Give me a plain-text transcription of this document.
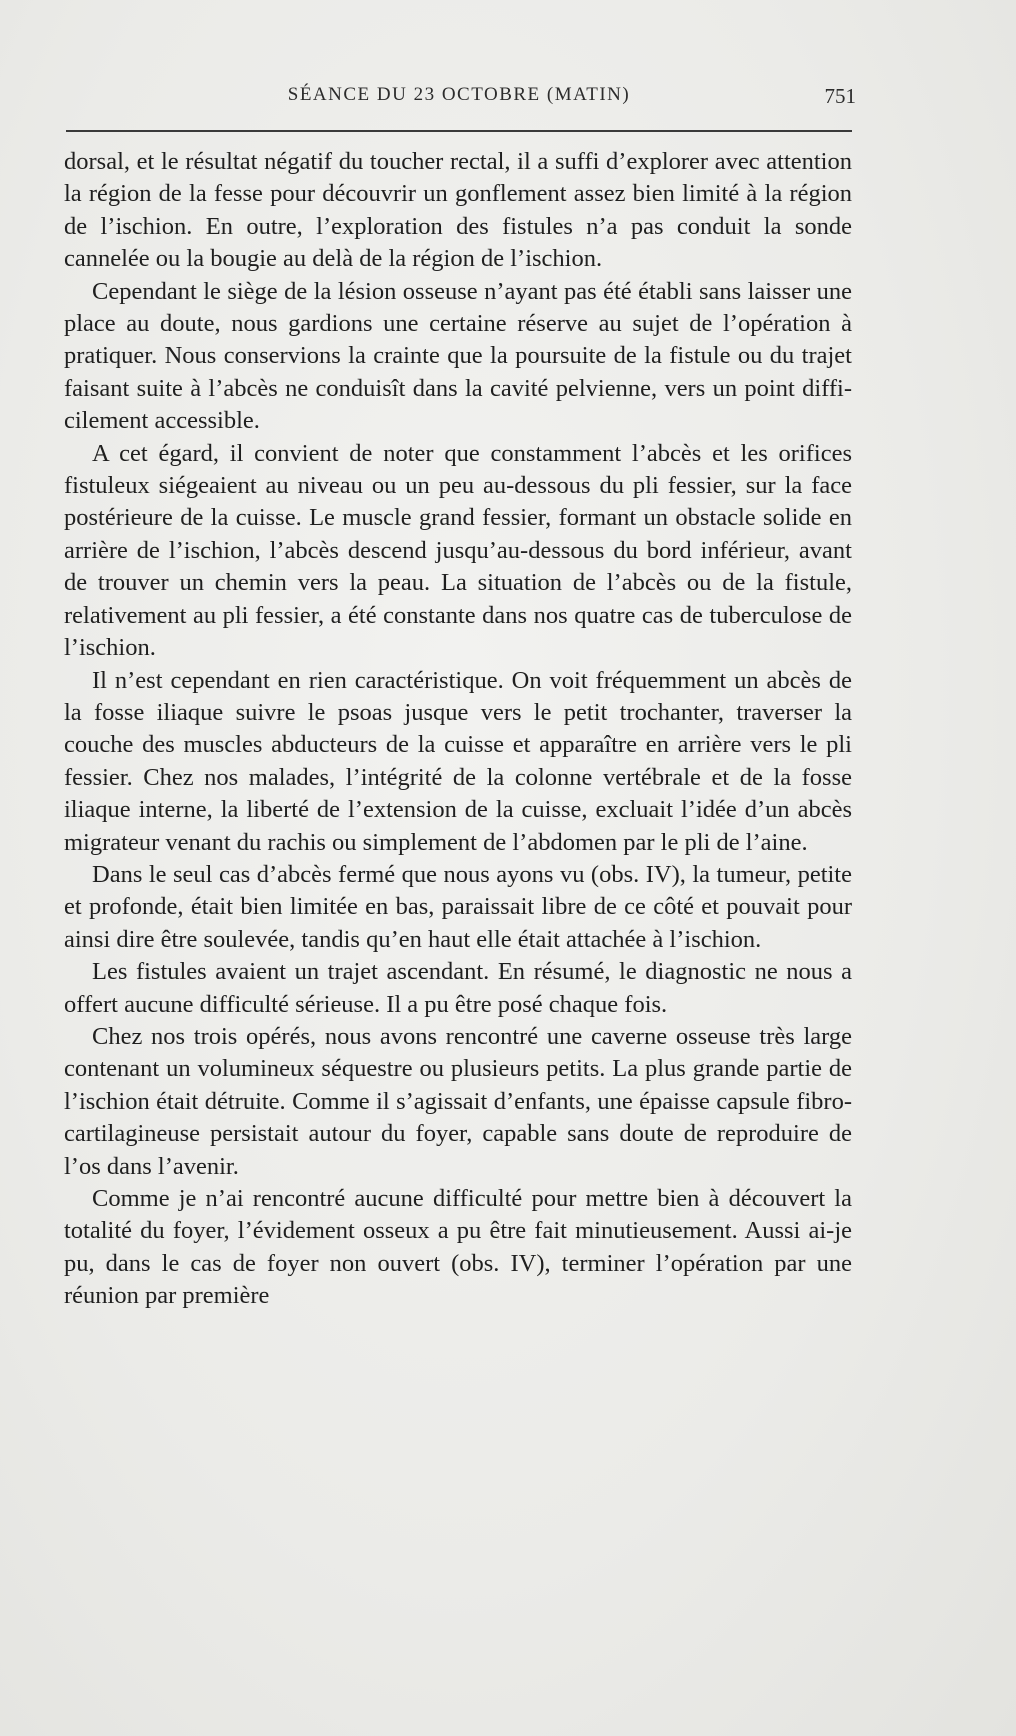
SÉANCE DU 23 OCTOBRE (MATIN)	751

dorsal, et le résultat négatif du toucher rectal, il a suffi d’explorer avec attention la région de la fesse pour découvrir un gonflement assez bien limité à la région de l’ischion. En outre, l’exploration des fistules n’a pas conduit la sonde cannelée ou la bougie au delà de la région de l’ischion.

Cependant le siège de la lésion osseuse n’ayant pas été établi sans laisser une place au doute, nous gardions une certaine réserve au sujet de l’opération à pratiquer. Nous conservions la crainte que la poursuite de la fistule ou du trajet faisant suite à l’abcès ne conduisît dans la cavité pelvienne, vers un point difficilement accessible.

A cet égard, il convient de noter que constamment l’abcès et les orifices fistuleux siégeaient au niveau ou un peu au-dessous du pli fessier, sur la face postérieure de la cuisse. Le muscle grand fessier, formant un obstacle solide en arrière de l’ischion, l’abcès descend jusqu’au-dessous du bord inférieur, avant de trouver un chemin vers la peau. La situation de l’abcès ou de la fistule, relativement au pli fessier, a été constante dans nos quatre cas de tuberculose de l’ischion.

Il n’est cependant en rien caractéristique. On voit fréquemment un abcès de la fosse iliaque suivre le psoas jusque vers le petit trochanter, traverser la couche des muscles abducteurs de la cuisse et apparaître en arrière vers le pli fessier. Chez nos malades, l’intégrité de la colonne vertébrale et de la fosse iliaque interne, la liberté de l’extension de la cuisse, excluait l’idée d’un abcès migrateur venant du rachis ou simplement de l’abdomen par le pli de l’aine.

Dans le seul cas d’abcès fermé que nous ayons vu (obs. IV), la tumeur, petite et profonde, était bien limitée en bas, paraissait libre de ce côté et pouvait pour ainsi dire être soulevée, tandis qu’en haut elle était attachée à l’ischion.

Les fistules avaient un trajet ascendant. En résumé, le diagnostic ne nous a offert aucune difficulté sérieuse. Il a pu être posé chaque fois.

Chez nos trois opérés, nous avons rencontré une caverne osseuse très large contenant un volumineux séquestre ou plusieurs petits. La plus grande partie de l’ischion était détruite. Comme il s’agissait d’enfants, une épaisse capsule fibro-cartilagineuse persistait autour du foyer, capable sans doute de reproduire de l’os dans l’avenir.

Comme je n’ai rencontré aucune difficulté pour mettre bien à découvert la totalité du foyer, l’évidement osseux a pu être fait minutieusement. Aussi ai-je pu, dans le cas de foyer non ouvert (obs. IV), terminer l’opération par une réunion par première
